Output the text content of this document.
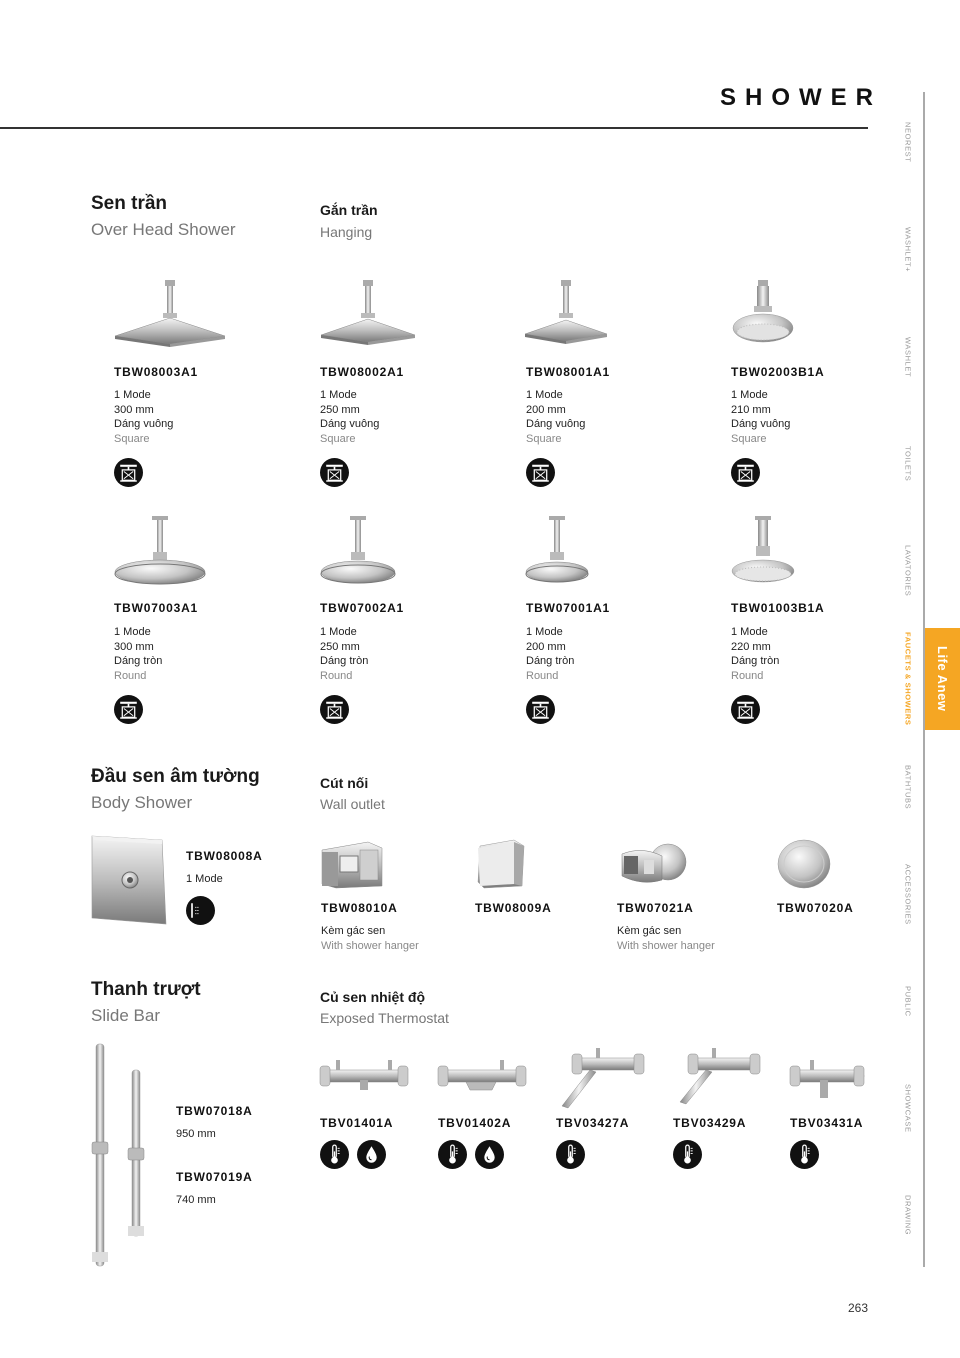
SHOWER
NEOREST
WASHLET+
WASHLET
TOILETS
LAVATORIES
FAUCETS & SHOWERS
BATHTUBS
ACCESSORIES
PUBLIC
SHOWCASE
DRAWING
Life Anew
Sen trần
Over Head Shower
Gắn trần
Hanging
TBW08003A1
1 Mode
300 mm
Dáng vuông
Square
TBW08002A1
1 Mode
250 mm
Dáng vuông
Square
TBW08001A1
1 Mode
200 mm
Dáng vuông
Square
TBW02003B1A
1 Mode
210 mm
Dáng vuông
Square
TBW07003A1
1 Mode
300 mm
Dáng tròn
Round
TBW07002A1
1 Mode
250 mm
Dáng tròn
Round
TBW07001A1
1 Mode
200 mm
Dáng tròn
Round
TBW01003B1A
1 Mode
220 mm
Dáng tròn
Round
Đầu sen âm tường
Body Shower
TBW08008A
1 Mode
Cút nối
Wall outlet
TBW08010A
Kèm gác sen
With shower hanger
TBW08009A	TBW07021A
Kèm gác sen
With shower hanger
TBW07020A
Thanh trượt
Slide Bar
TBW07018A
950 mm
TBW07019A
740 mm
Củ sen nhiệt độ
Exposed Thermostat
TBV01401A	TBV01402A	TBV03427A	TBV03429A	TBV03431A
263
